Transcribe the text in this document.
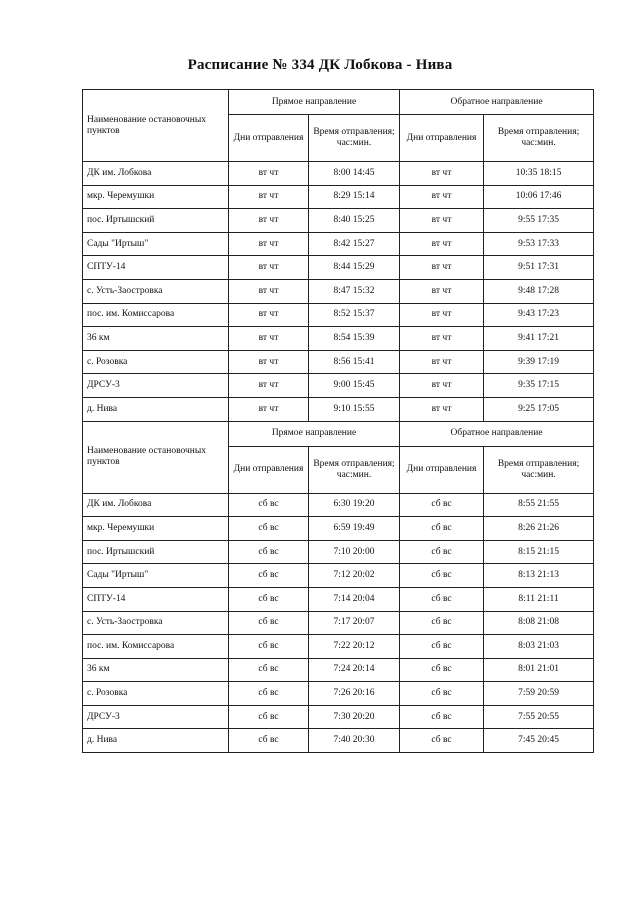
Расписание № 334 ДК Лобкова - Нива
Наименование остановочных пунктов	Прямое направление		Обратное направление	
	Дни отправления	Время отправления; час:мин.	Дни отправления	Время отправления; час:мин.
ДК им. Лобкова	вт чт	8:00 14:45	вт чт	10:35 18:15
мкр. Черемушки	вт чт	8:29 15:14	вт чт	10:06 17:46
пос. Иртышский	вт чт	8:40 15:25	вт чт	9:55 17:35
Сады "Иртыш"	вт чт	8:42 15:27	вт чт	9:53 17:33
СПТУ-14	вт чт	8:44 15:29	вт чт	9:51 17:31
с. Усть-Заостровка	вт чт	8:47 15:32	вт чт	9:48 17:28
пос. им. Комиссарова	вт чт	8:52 15:37	вт чт	9:43 17:23
36 км	вт чт	8:54 15:39	вт чт	9:41 17:21
с. Розовка	вт чт	8:56 15:41	вт чт	9:39 17:19
ДРСУ-3	вт чт	9:00 15:45	вт чт	9:35 17:15
д. Нива	вт чт	9:10 15:55	вт чт	9:25 17:05
Наименование остановочных пунктов	Прямое направление		Обратное направление	
	Дни отправления	Время отправления; час:мин.	Дни отправления	Время отправления; час:мин.
ДК им. Лобкова	сб вс	6:30 19:20	сб вс	8:55 21:55
мкр. Черемушки	сб вс	6:59 19:49	сб вс	8:26 21:26
пос. Иртышский	сб вс	7:10 20:00	сб вс	8:15 21:15
Сады "Иртыш"	сб вс	7:12 20:02	сб вс	8:13 21:13
СПТУ-14	сб вс	7:14 20:04	сб вс	8:11 21:11
с. Усть-Заостровка	сб вс	7:17 20:07	сб вс	8:08 21:08
пос. им. Комиссарова	сб вс	7:22 20:12	сб вс	8:03 21:03
36 км	сб вс	7:24 20:14	сб вс	8:01 21:01
с. Розовка	сб вс	7:26 20:16	сб вс	7:59 20:59
ДРСУ-3	сб вс	7:30 20:20	сб вс	7:55 20:55
д. Нива	сб вс	7:40 20:30	сб вс	7:45 20:45
